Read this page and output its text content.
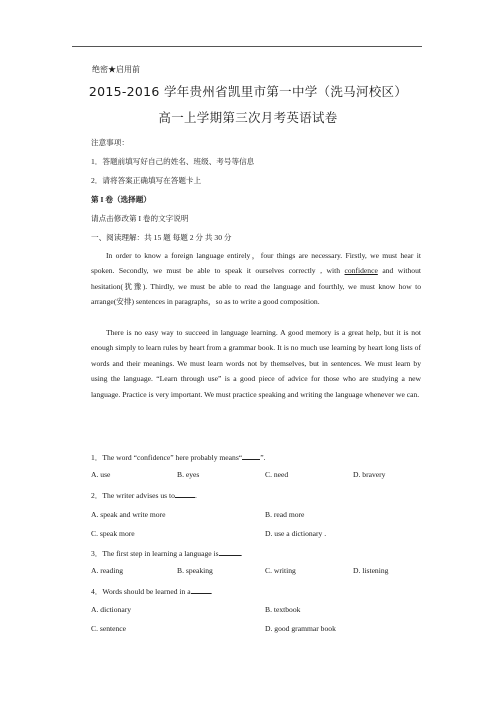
绝密★启用前
2015-2016 学年贵州省凯里市第一中学（洗马河校区）
高一上学期第三次月考英语试卷
注意事项：
1．答题前填写好自己的姓名、班级、考号等信息
2．请将答案正确填写在答题卡上
第 I 卷（选择题）
请点击修改第 I 卷的文字说明
一、阅读理解：共 15 题 每题 2 分 共 30 分
In order to know a foreign language entirely，four things are necessary. Firstly, we must hear it spoken. Secondly, we must be able to speak it ourselves correctly , with confidence and without hesitation(犹豫). Thirdly, we must be able to read the language and fourthly, we must know how to arrange(安排) sentences in paragraphs，so as to write a good composition.
There is no easy way to succeed in language learning. A good memory is a great help, but it is not enough simply to learn rules by heart from a grammar book. It is no much use learning by heart long lists of words and their meanings. We must learn words not by themselves, but in sentences. We must learn by using the language. “Learn through use” is a good piece of advice for those who are studying a new language. Practice is very important. We must practice speaking and writing the language whenever we can.
1．The word “confidence” here probably means“ ”.
A. use	B. eyes	C. need	D. bravery
2．The writer advises us to	.
A. speak and write more	B. read more
C. speak more	D. use a dictionary .
3．The first step in learning a language is	.
A. reading	B. speaking	C. writing	D. listening
4．Words should be learned in a	.
A. dictionary	B. textbook
C. sentence	D. good grammar book
